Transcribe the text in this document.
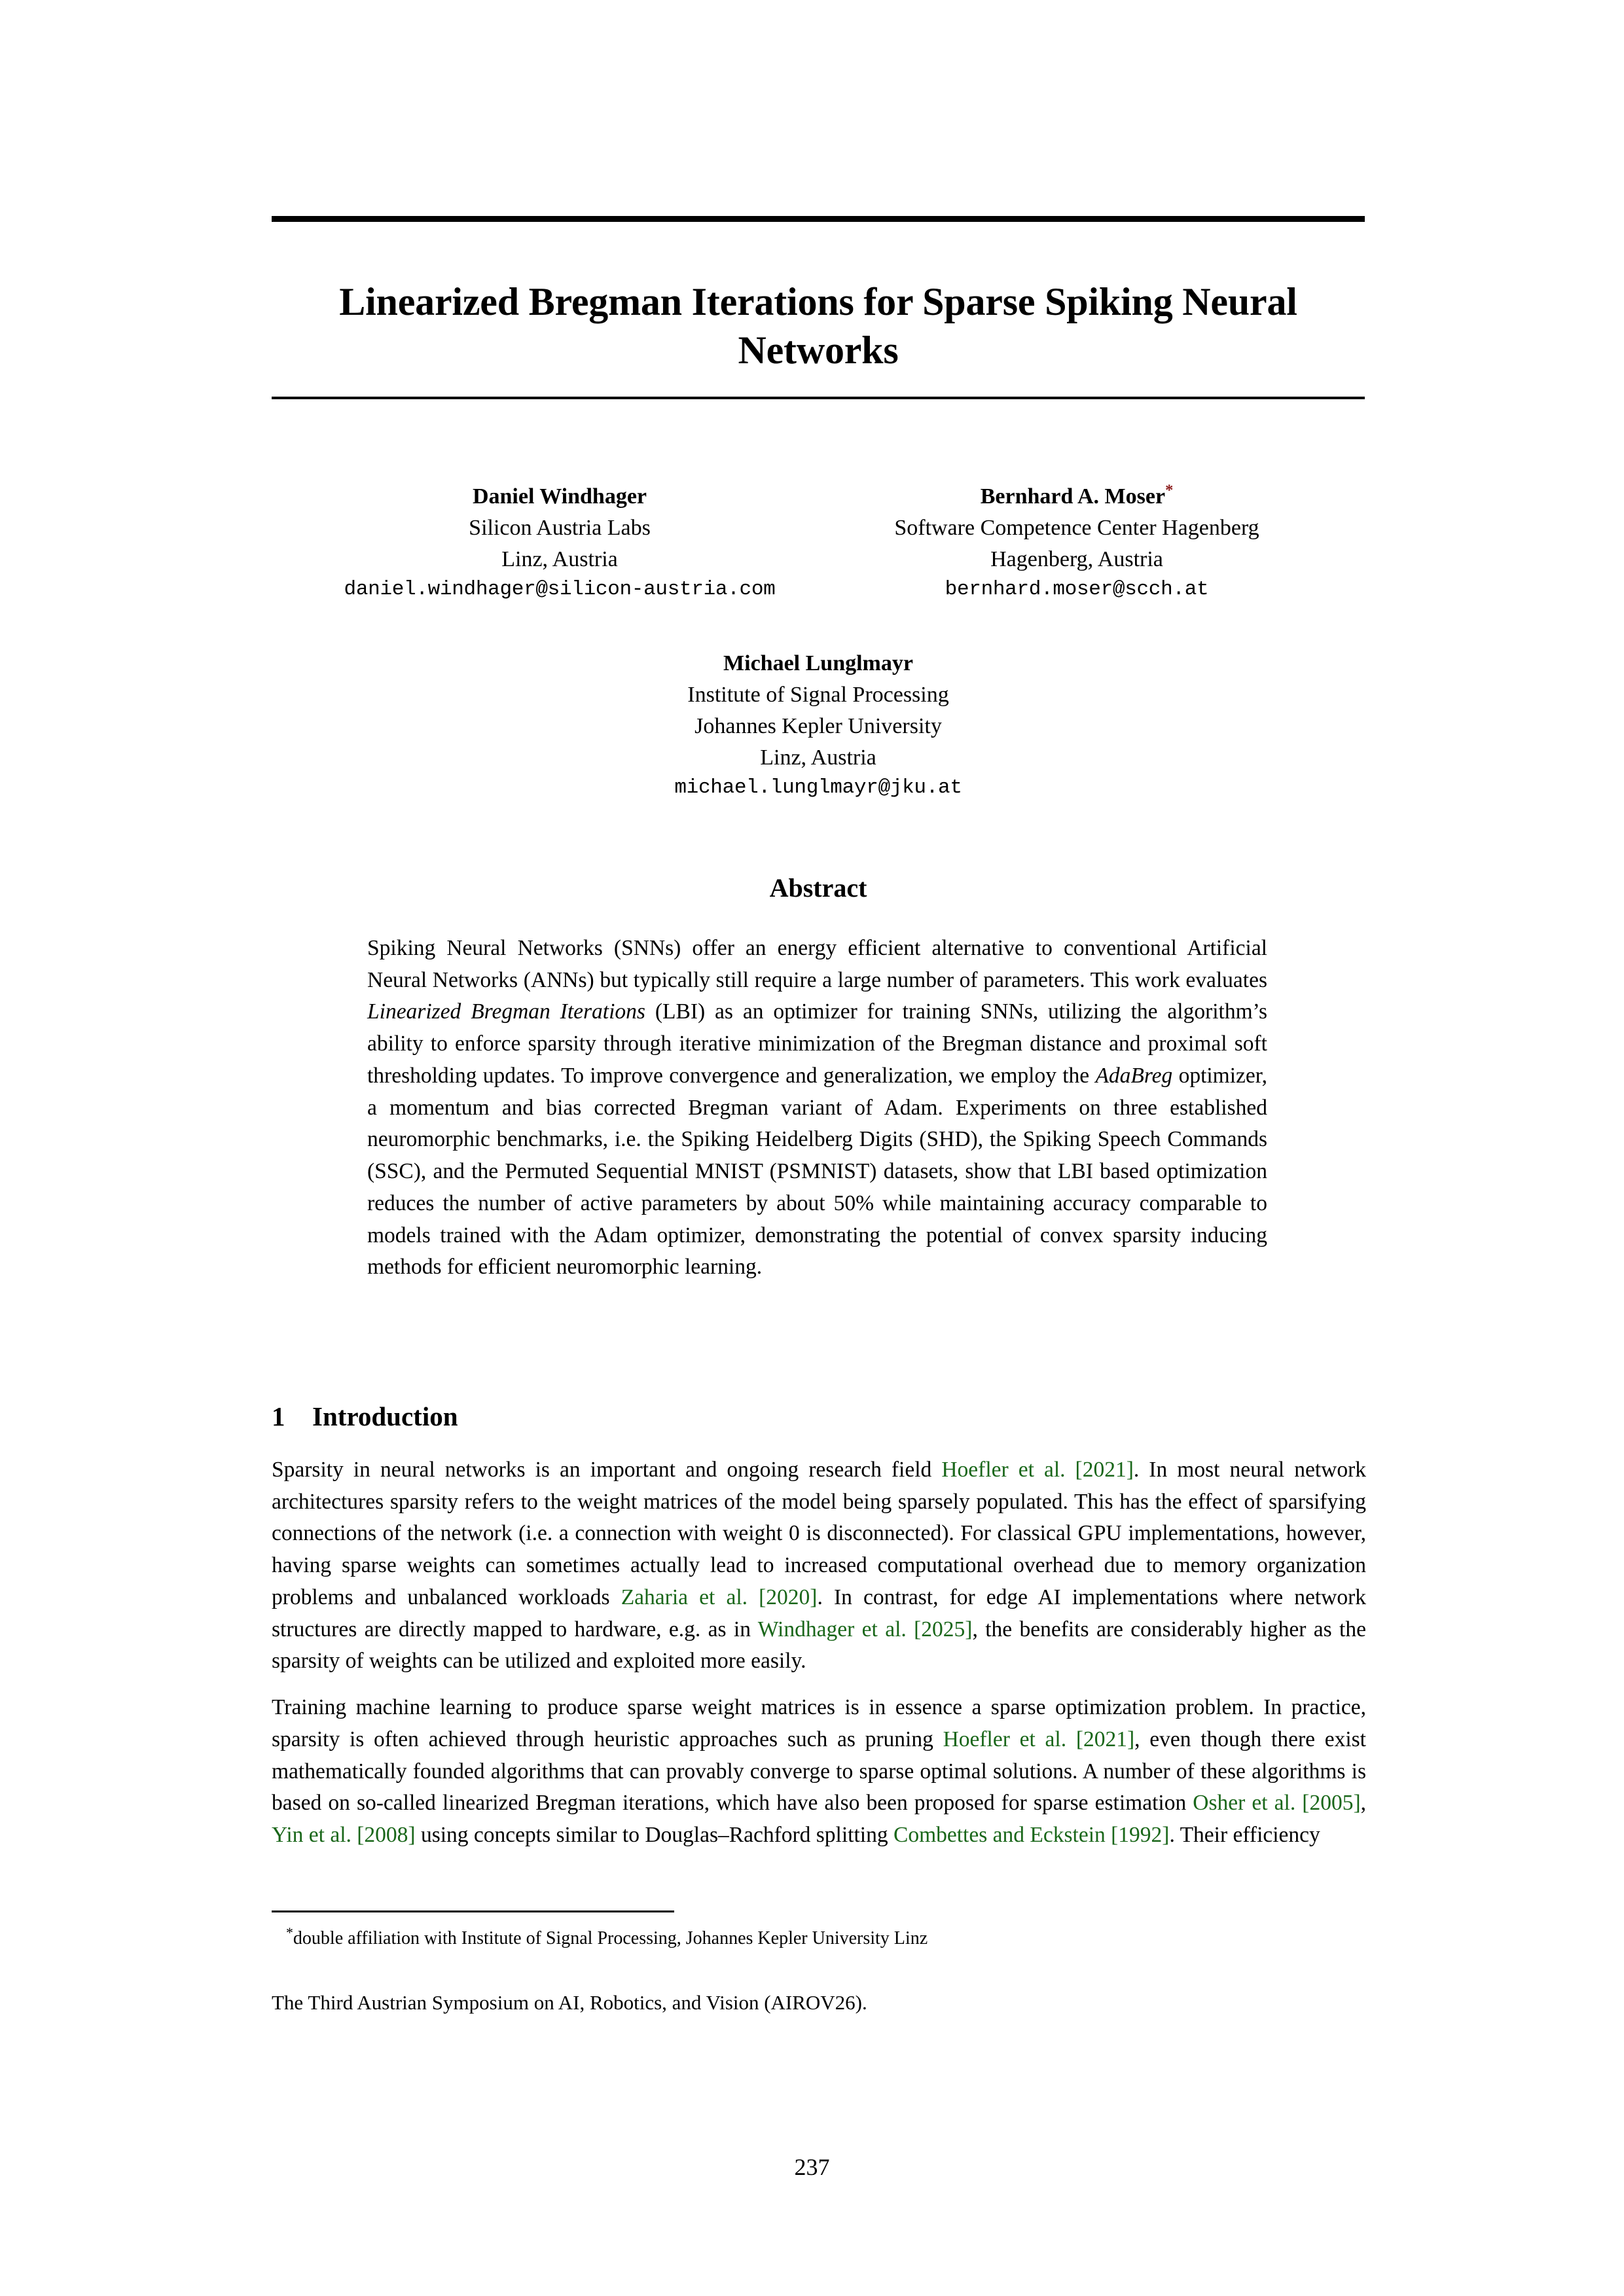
Linearized Bregman Iterations for Sparse Spiking Neural Networks
Daniel Windhager
Silicon Austria Labs
Linz, Austria
daniel.windhager@silicon-austria.com
Bernhard A. Moser*
Software Competence Center Hagenberg
Hagenberg, Austria
bernhard.moser@scch.at
Michael Lunglmayr
Institute of Signal Processing
Johannes Kepler University
Linz, Austria
michael.lunglmayr@jku.at
Abstract

Spiking Neural Networks (SNNs) offer an energy efficient alternative to conventional Artificial Neural Networks (ANNs) but typically still require a large number of parameters. This work evaluates Linearized Bregman Iterations (LBI) as an optimizer for training SNNs, utilizing the algorithm’s ability to enforce sparsity through iterative minimization of the Bregman distance and proximal soft thresholding updates. To improve convergence and generalization, we employ the AdaBreg optimizer, a momentum and bias corrected Bregman variant of Adam. Experiments on three established neuromorphic benchmarks, i.e. the Spiking Heidelberg Digits (SHD), the Spiking Speech Commands (SSC), and the Permuted Sequential MNIST (PSMNIST) datasets, show that LBI based optimization reduces the number of active parameters by about 50% while maintaining accuracy comparable to models trained with the Adam optimizer, demonstrating the potential of convex sparsity inducing methods for efficient neuromorphic learning.

1 Introduction

Sparsity in neural networks is an important and ongoing research field Hoefler et al. [2021]. In most neural network architectures sparsity refers to the weight matrices of the model being sparsely populated. This has the effect of sparsifying connections of the network (i.e. a connection with weight 0 is disconnected). For classical GPU implementations, however, having sparse weights can sometimes actually lead to increased computational overhead due to memory organization problems and unbalanced workloads Zaharia et al. [2020]. In contrast, for edge AI implementations where network structures are directly mapped to hardware, e.g. as in Windhager et al. [2025], the benefits are considerably higher as the sparsity of weights can be utilized and exploited more easily.

Training machine learning to produce sparse weight matrices is in essence a sparse optimization problem. In practice, sparsity is often achieved through heuristic approaches such as pruning Hoefler et al. [2021], even though there exist mathematically founded algorithms that can provably converge to sparse optimal solutions. A number of these algorithms is based on so-called linearized Bregman iterations, which have also been proposed for sparse estimation Osher et al. [2005], Yin et al. [2008] using concepts similar to Douglas–Rachford splitting Combettes and Eckstein [1992]. Their efficiency

*double affiliation with Institute of Signal Processing, Johannes Kepler University Linz
The Third Austrian Symposium on AI, Robotics, and Vision (AIROV26).
237
